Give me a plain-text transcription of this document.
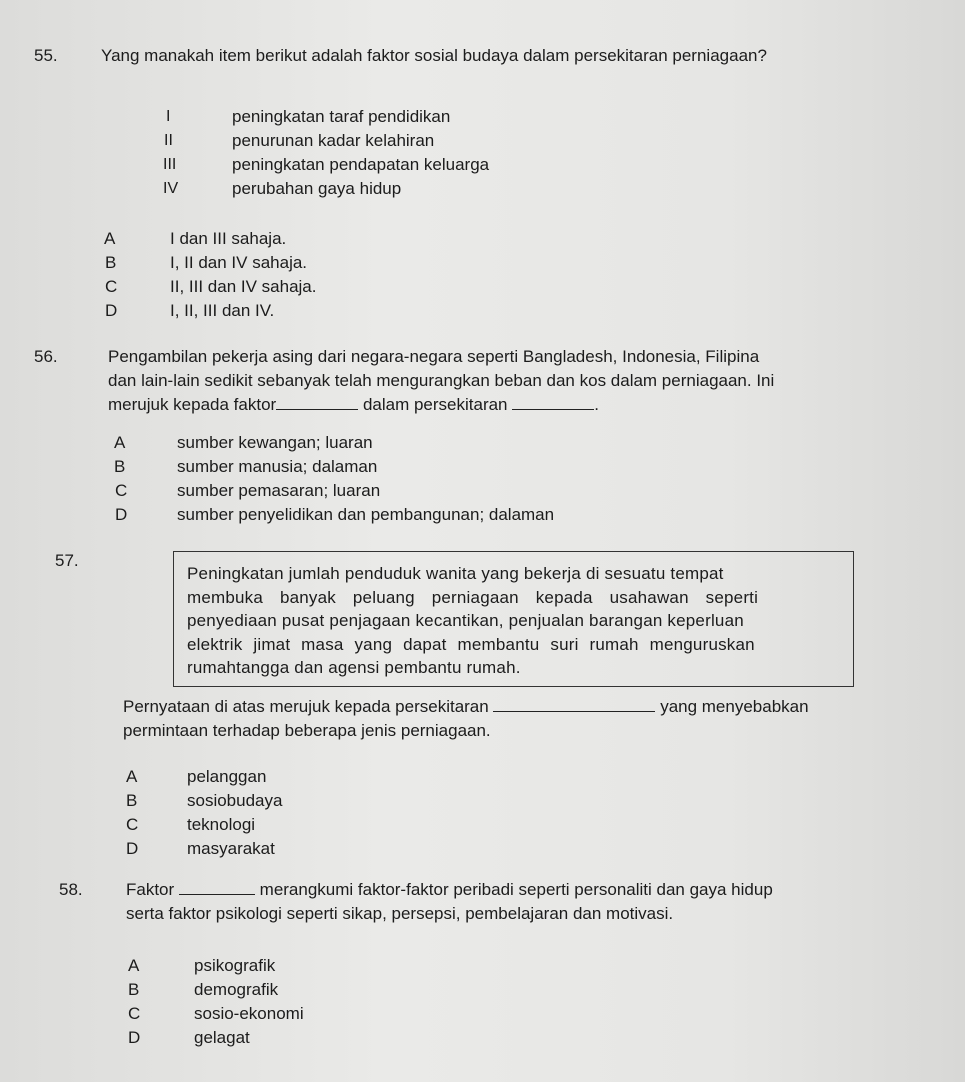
55.	Yang manakah item berikut adalah faktor sosial budaya dalam persekitaran perniagaan?
I	peningkatan taraf pendidikan
II	penurunan kadar kelahiran
III	peningkatan pendapatan keluarga
IV	perubahan gaya hidup
A	I dan III sahaja.
B	I, II dan IV sahaja.
C	II, III dan IV sahaja.
D	I, II, III dan IV.
56.	Pengambilan pekerja asing dari negara-negara seperti Bangladesh, Indonesia, Filipina
dan lain-lain sedikit sebanyak telah mengurangkan beban dan kos dalam perniagaan. Ini
merujuk kepada faktor	dalam persekitaran	.
A	sumber kewangan; luaran
B	sumber manusia; dalaman
C	sumber pemasaran; luaran
D	sumber penyelidikan dan pembangunan; dalaman
57.
Peningkatan jumlah penduduk wanita yang bekerja di sesuatu tempat
membuka banyak peluang perniagaan kepada usahawan seperti
penyediaan pusat penjagaan kecantikan, penjualan barangan keperluan
elektrik jimat masa yang dapat membantu suri rumah menguruskan
rumahtangga dan agensi pembantu rumah.
Pernyataan di atas merujuk kepada persekitaran	yang menyebabkan
permintaan terhadap beberapa jenis perniagaan.
A	pelanggan
B	sosiobudaya
C	teknologi
D	masyarakat
58.	Faktor	merangkumi faktor-faktor peribadi seperti personaliti dan gaya hidup
serta faktor psikologi seperti sikap, persepsi, pembelajaran dan motivasi.
A	psikografik
B	demografik
C	sosio-ekonomi
D	gelagat
